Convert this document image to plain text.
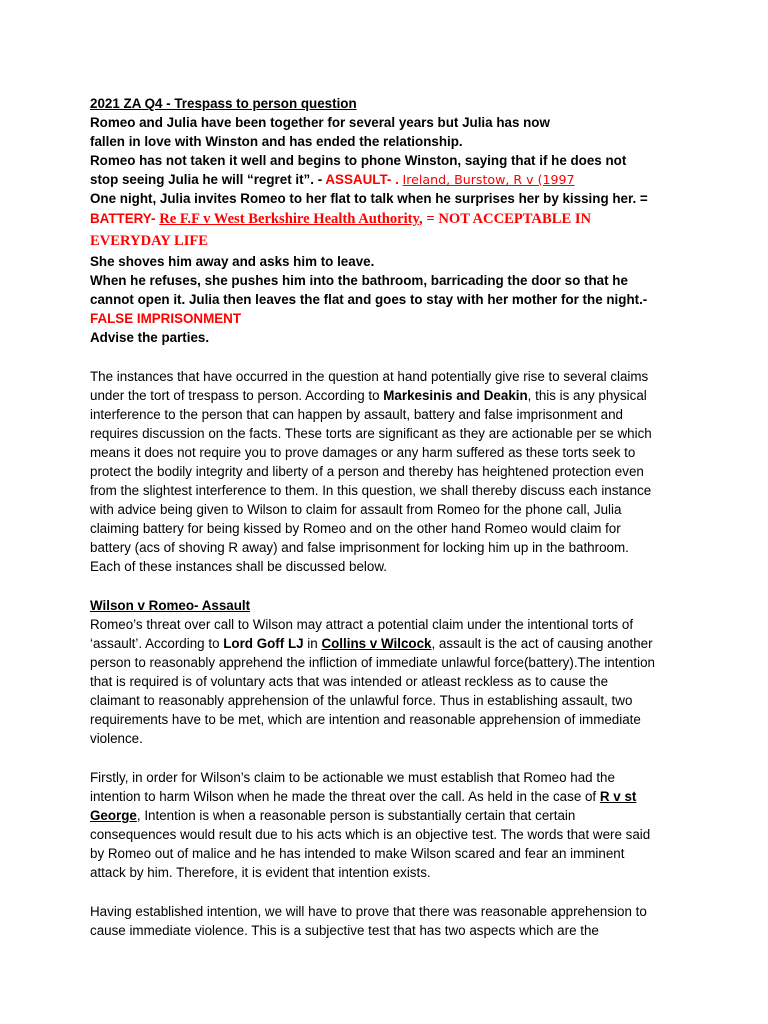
2021 ZA Q4 - Trespass to person question

Romeo and Julia have been together for several years but Julia has now

fallen in love with Winston and has ended the relationship.

Romeo has not taken it well and begins to phone Winston, saying that if he does not

stop seeing Julia he will “regret it”. - ASSAULT- . Ireland, Burstow, R v (1997

One night, Julia invites Romeo to her flat to talk when he surprises her by kissing her. =

BATTERY- Re F.F v West Berkshire Health Authority, = NOT ACCEPTABLE IN

EVERYDAY LIFE

She shoves him away and asks him to leave.

When he refuses, she pushes him into the bathroom, barricading the door so that he

cannot open it. Julia then leaves the flat and goes to stay with her mother for the night.-

FALSE IMPRISONMENT

Advise the parties.

The instances that have occurred in the question at hand potentially give rise to several claims

under the tort of trespass to person. According to Markesinis and Deakin, this is any physical

interference to the person that can happen by assault, battery and false imprisonment and

requires discussion on the facts. These torts are significant as they are actionable per se which

means it does not require you to prove damages or any harm suffered as these torts seek to

protect the bodily integrity and liberty of a person and thereby has heightened protection even

from the slightest interference to them. In this question, we shall thereby discuss each instance

with advice being given to Wilson to claim for assault from Romeo for the phone call, Julia

claiming battery for being kissed by Romeo and on the other hand Romeo would claim for

battery (acs of shoving R away) and false imprisonment for locking him up in the bathroom.

Each of these instances shall be discussed below.

Wilson v Romeo- Assault

Romeo’s threat over call to Wilson may attract a potential claim under the intentional torts of

‘assault’. According to Lord Goff LJ in Collins v Wilcock, assault is the act of causing another

person to reasonably apprehend the infliction of immediate unlawful force(battery).The intention

that is required is of voluntary acts that was intended or atleast reckless as to cause the

claimant to reasonably apprehension of the unlawful force. Thus in establishing assault, two

requirements have to be met, which are intention and reasonable apprehension of immediate

violence.

Firstly, in order for Wilson’s claim to be actionable we must establish that Romeo had the

intention to harm Wilson when he made the threat over the call. As held in the case of R v st

George, Intention is when a reasonable person is substantially certain that certain

consequences would result due to his acts which is an objective test. The words that were said

by Romeo out of malice and he has intended to make Wilson scared and fear an imminent

attack by him. Therefore, it is evident that intention exists.

Having established intention, we will have to prove that there was reasonable apprehension to

cause immediate violence. This is a subjective test that has two aspects which are the
